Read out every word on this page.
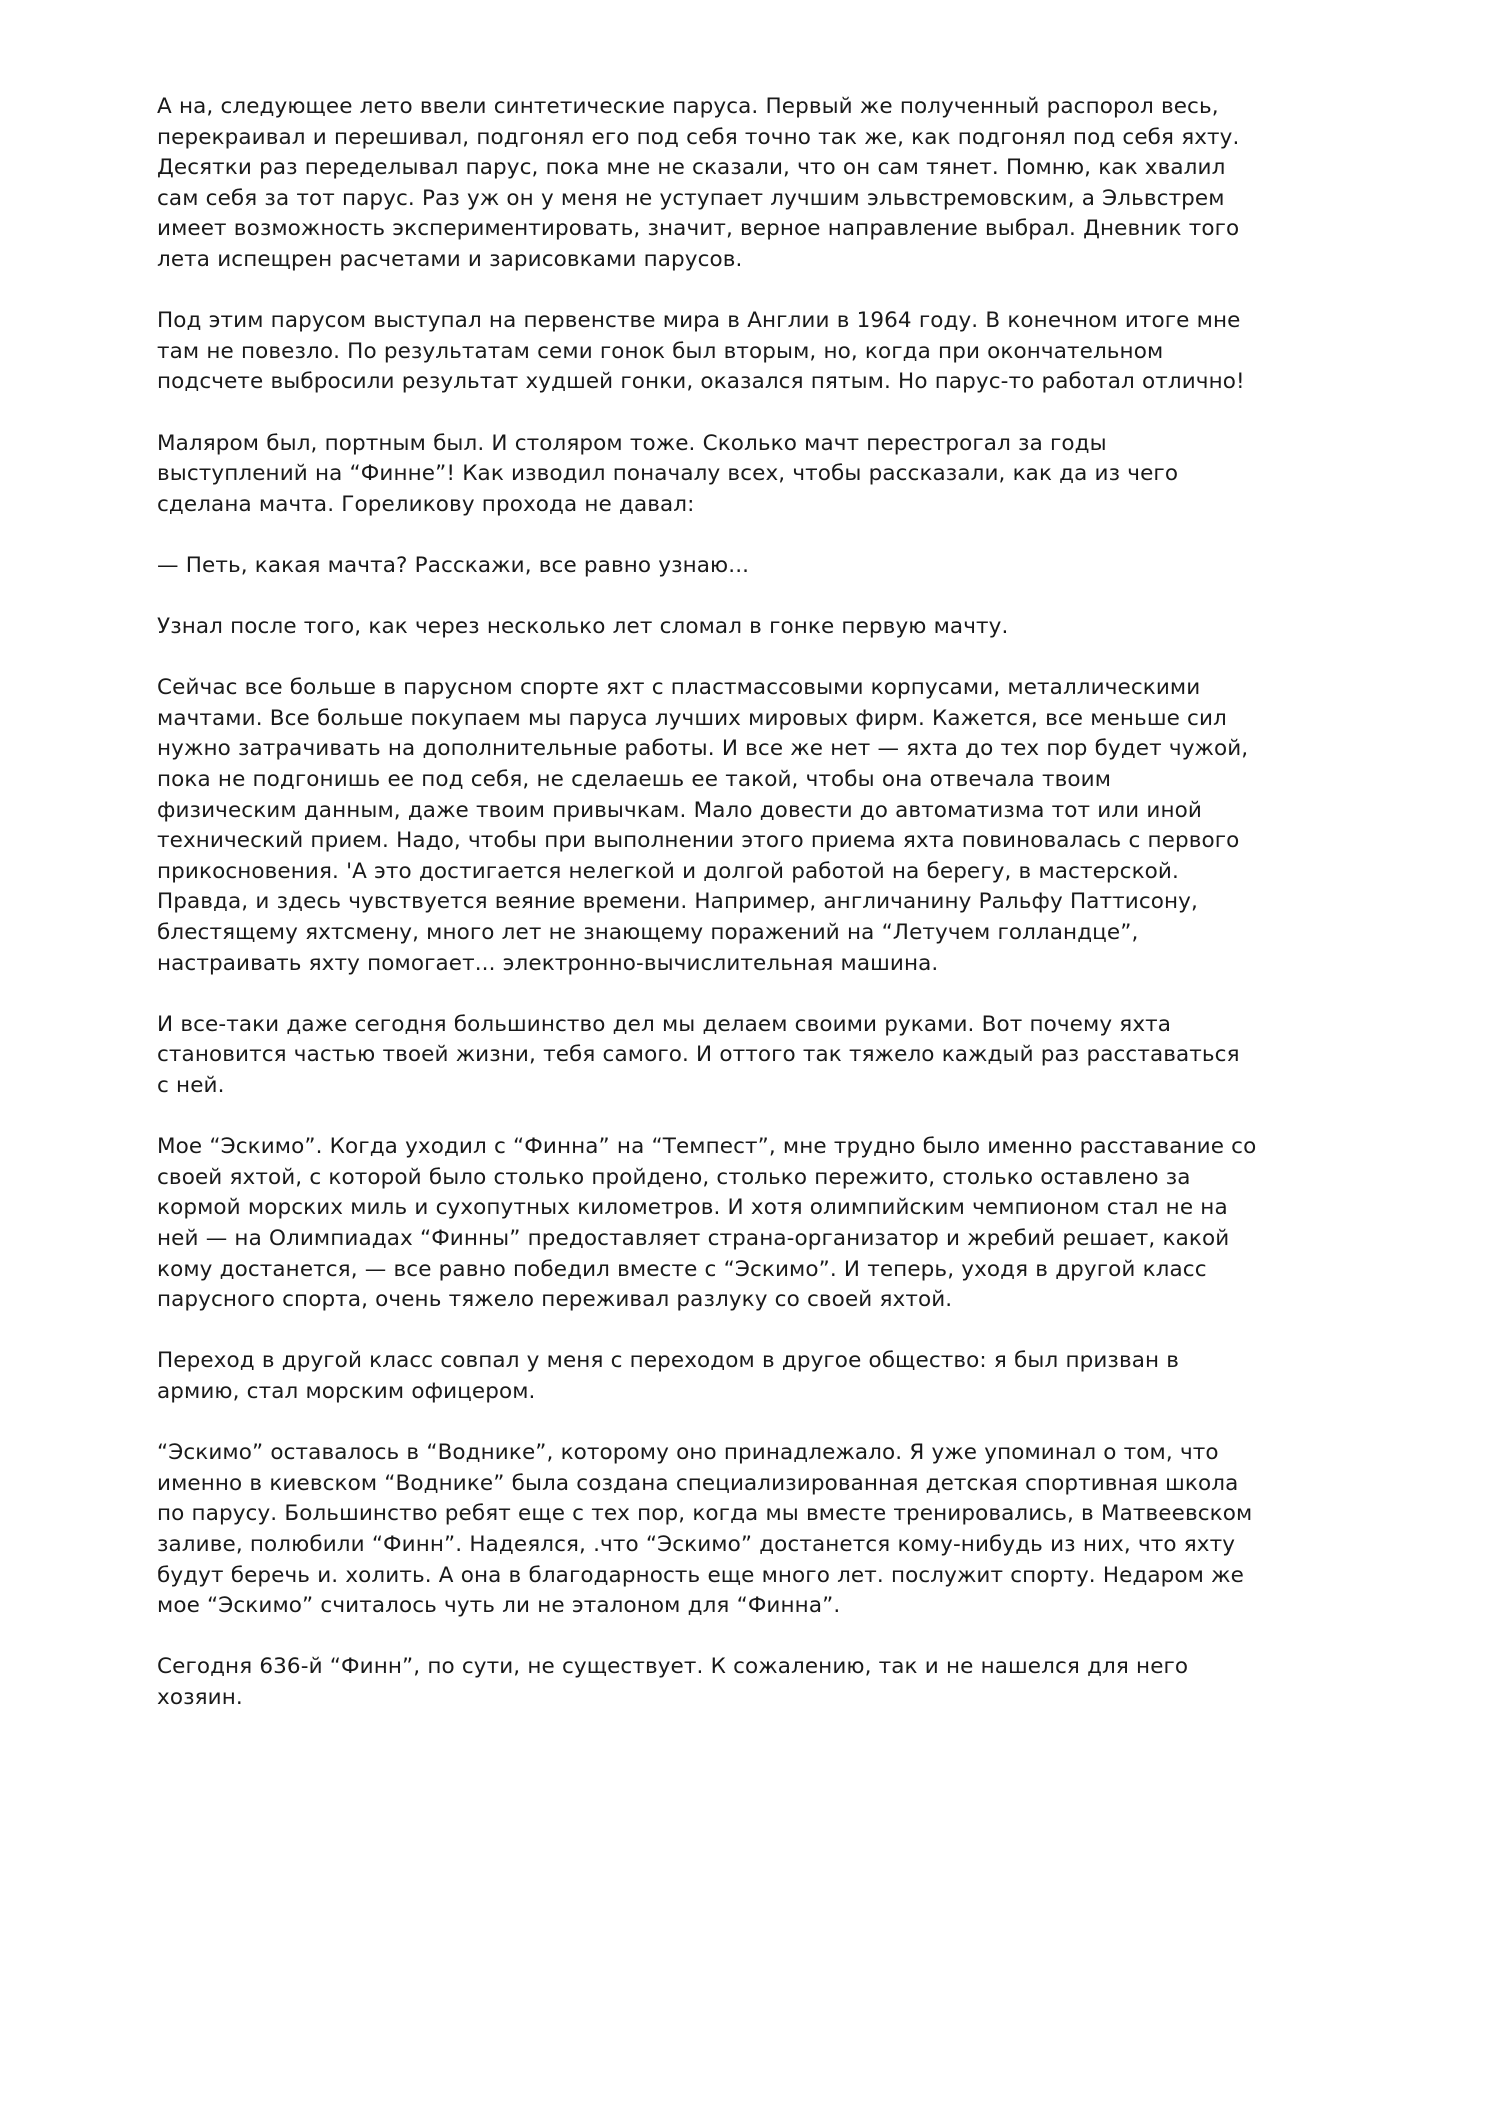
А на, следующее лето ввели синтетические паруса. Первый же полученный распорол весь, перекраивал и перешивал, подгонял его под себя точно так же, как подгонял под себя яхту. Десятки раз переделывал парус, пока мне не сказали, что он сам тянет. Помню, как хвалил сам себя за тот парус. Раз уж он у меня не уступает лучшим эльвстремовским, а Эльвстрем имеет возможность экспериментировать, значит, верное направление выбрал. Дневник того лета испещрен расчетами и зарисовками парусов.

Под этим парусом выступал на первенстве мира в Англии в 1964 году. В конечном итоге мне там не повезло. По результатам семи гонок был вторым, но, когда при окончательном подсчете выбросили результат худшей гонки, оказался пятым. Но парус-то работал отлично!

Маляром был, портным был. И столяром тоже. Сколько мачт перестрогал за годы выступлений на “Финне”! Как изводил поначалу всех, чтобы рассказали, как да из чего сделана мачта. Гореликову прохода не давал:

— Петь, какая мачта? Расскажи, все равно узнаю...

Узнал после того, как через несколько лет сломал в гонке первую мачту.

Сейчас все больше в парусном спорте яхт с пластмассовыми корпусами, металлическими мачтами. Все больше покупаем мы паруса лучших мировых фирм. Кажется, все меньше сил нужно затрачивать на дополнительные работы. И все же нет — яхта до тех пор будет чужой, пока не подгонишь ее под себя, не сделаешь ее такой, чтобы она отвечала твоим физическим данным, даже твоим привычкам. Мало довести до автоматизма тот или иной технический прием. Надо, чтобы при выполнении этого приема яхта повиновалась с первого прикосновения. 'А это достигается нелегкой и долгой работой на берегу, в мастерской. Правда, и здесь чувствуется веяние времени. Например, англичанину Ральфу Паттисону, блестящему яхтсмену, много лет не знающему поражений на “Летучем голландце”, настраивать яхту помогает... электронно-вычислительная машина.

И все-таки даже сегодня большинство дел мы делаем своими руками. Вот почему яхта становится частью твоей жизни, тебя самого. И оттого так тяжело каждый раз расставаться с ней.

Мое “Эскимо”. Когда уходил с “Финна” на “Темпест”, мне трудно было именно расставание со своей яхтой, с которой было столько пройдено, столько пережито, столько оставлено за кормой морских миль и сухопутных километров. И хотя олимпийским чемпионом стал не на ней — на Олимпиадах “Финны” предоставляет страна-организатор и жребий решает, какой кому достанется, — все равно победил вместе с “Эскимо”. И теперь, уходя в другой класс парусного спорта, очень тяжело переживал разлуку со своей яхтой.

Переход в другой класс совпал у меня с переходом в другое общество: я был призван в армию, стал морским офицером.

“Эскимо” оставалось в “Воднике”, которому оно принадлежало. Я уже упоминал о том, что именно в киевском “Воднике” была создана специализированная детская спортивная школа по парусу. Большинство ребят еще с тех пор, когда мы вместе тренировались, в Матвеевском заливе, полюбили “Финн”. Надеялся, .что “Эскимо” достанется кому-нибудь из них, что яхту будут беречь и. холить. А она в благодарность еще много лет. послужит спорту. Недаром же мое “Эскимо” считалось чуть ли не эталоном для “Финна”.

Сегодня 636-й “Финн”, по сути, не существует. К сожалению, так и не нашелся для него хозяин.
